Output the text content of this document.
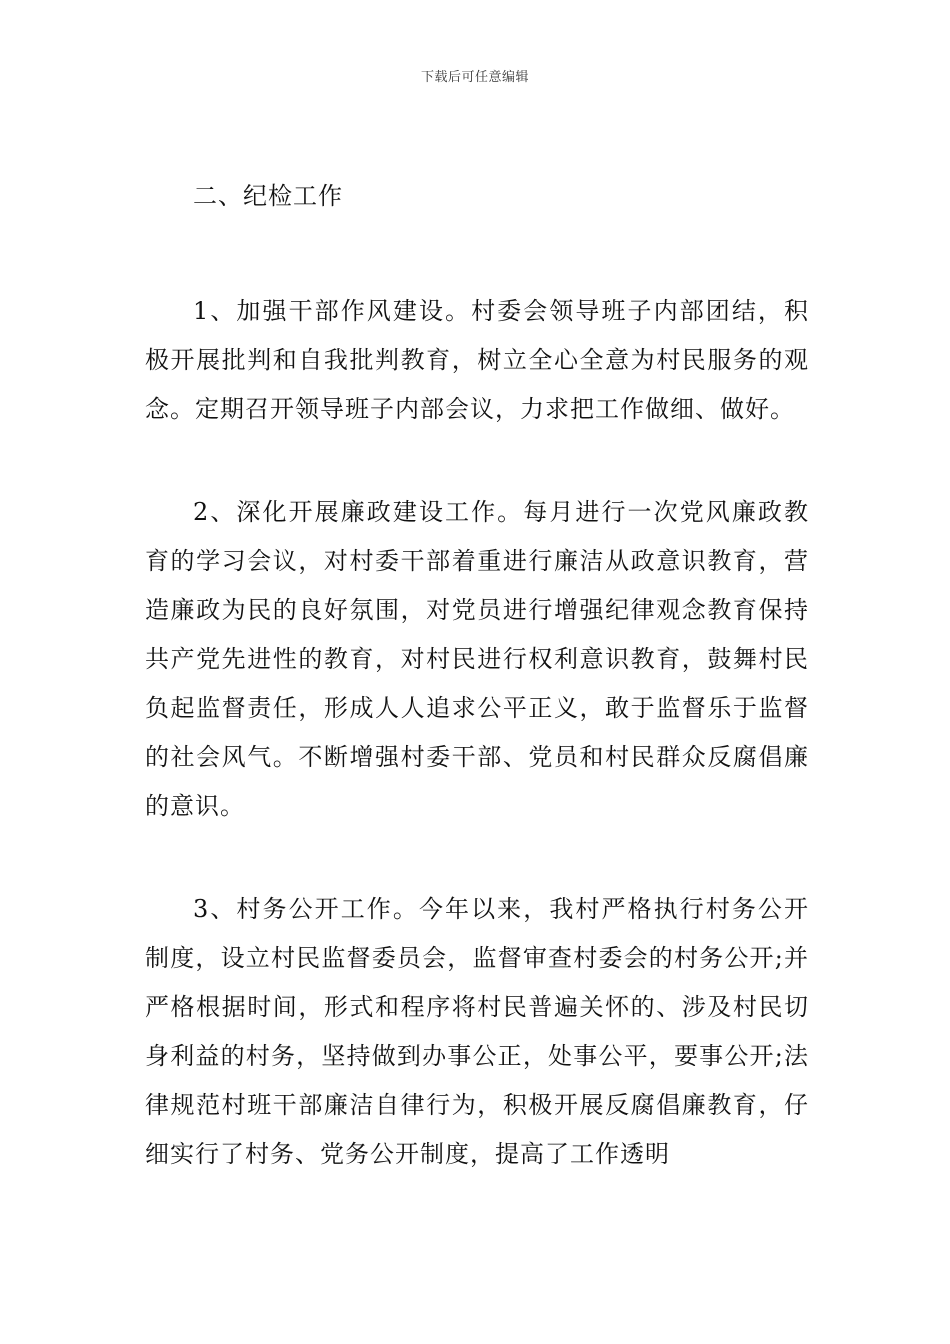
下载后可任意编辑
二、纪检工作

1、加强干部作风建设。村委会领导班子内部团结，积极开展批判和自我批判教育，树立全心全意为村民服务的观念。定期召开领导班子内部会议，力求把工作做细、做好。

2、深化开展廉政建设工作。每月进行一次党风廉政教育的学习会议，对村委干部着重进行廉洁从政意识教育，营造廉政为民的良好氛围，对党员进行增强纪律观念教育保持共产党先进性的教育，对村民进行权利意识教育，鼓舞村民负起监督责任，形成人人追求公平正义，敢于监督乐于监督的社会风气。不断增强村委干部、党员和村民群众反腐倡廉的意识。

3、村务公开工作。今年以来，我村严格执行村务公开制度，设立村民监督委员会，监督审查村委会的村务公开;并严格根据时间，形式和程序将村民普遍关怀的、涉及村民切身利益的村务，坚持做到办事公正，处事公平，要事公开;法律规范村班干部廉洁自律行为，积极开展反腐倡廉教育，仔细实行了村务、党务公开制度，提高了工作透明
